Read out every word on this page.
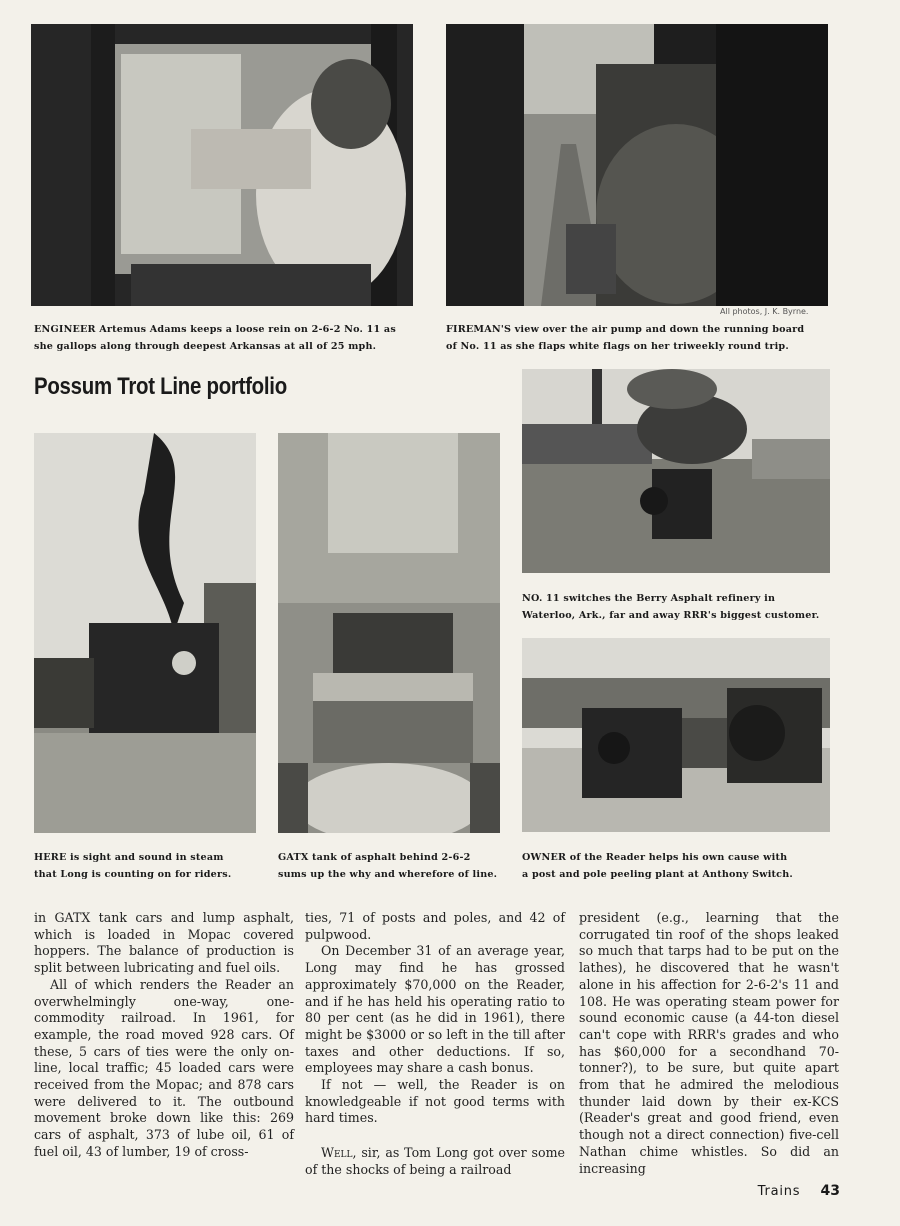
All photos, J. K. Byrne.
ENGINEER Artemus Adams keeps a loose rein on 2-6-2 No. 11 as
she gallops along through deepest Arkansas at all of 25 mph.
FIREMAN'S view over the air pump and down the running board
of No. 11 as she flaps white flags on her triweekly round trip.
Possum Trot Line portfolio
NO. 11 switches the Berry Asphalt refinery in
Waterloo, Ark., far and away RRR's biggest customer.
HERE is sight and sound in steam
that Long is counting on for riders.
GATX tank of asphalt behind 2-6-2
sums up the why and wherefore of line.
OWNER of the Reader helps his own cause with
a post and pole peeling plant at Anthony Switch.

in GATX tank cars and lump asphalt, which is loaded in Mopac covered hoppers. The balance of production is split between lubricating and fuel oils.

All of which renders the Reader an overwhelmingly one-way, one-commodity railroad. In 1961, for example, the road moved 928 cars. Of these, 5 cars of ties were the only on-line, local traffic; 45 loaded cars were received from the Mopac; and 878 cars were delivered to it. The outbound movement broke down like this: 269 cars of asphalt, 373 of lube oil, 61 of fuel oil, 43 of lumber, 19 of cross-

ties, 71 of posts and poles, and 42 of pulpwood.

On December 31 of an average year, Long may find he has grossed approximately $70,000 on the Reader, and if he has held his operating ratio to 80 per cent (as he did in 1961), there might be $3000 or so left in the till after taxes and other deductions. If so, employees may share a cash bonus.

If not — well, the Reader is on knowledgeable if not good terms with hard times.

Well, sir, as Tom Long got over some of the shocks of being a railroad

president (e.g., learning that the corrugated tin roof of the shops leaked so much that tarps had to be put on the lathes), he discovered that he wasn't alone in his affection for 2-6-2's 11 and 108. He was operating steam power for sound economic cause (a 44-ton diesel can't cope with RRR's grades and who has $60,000 for a secondhand 70-tonner?), to be sure, but quite apart from that he admired the melodious thunder laid down by their ex-KCS (Reader's great and good friend, even though not a direct connection) five-cell Nathan chime whistles. So did an increasing

Trains 43
